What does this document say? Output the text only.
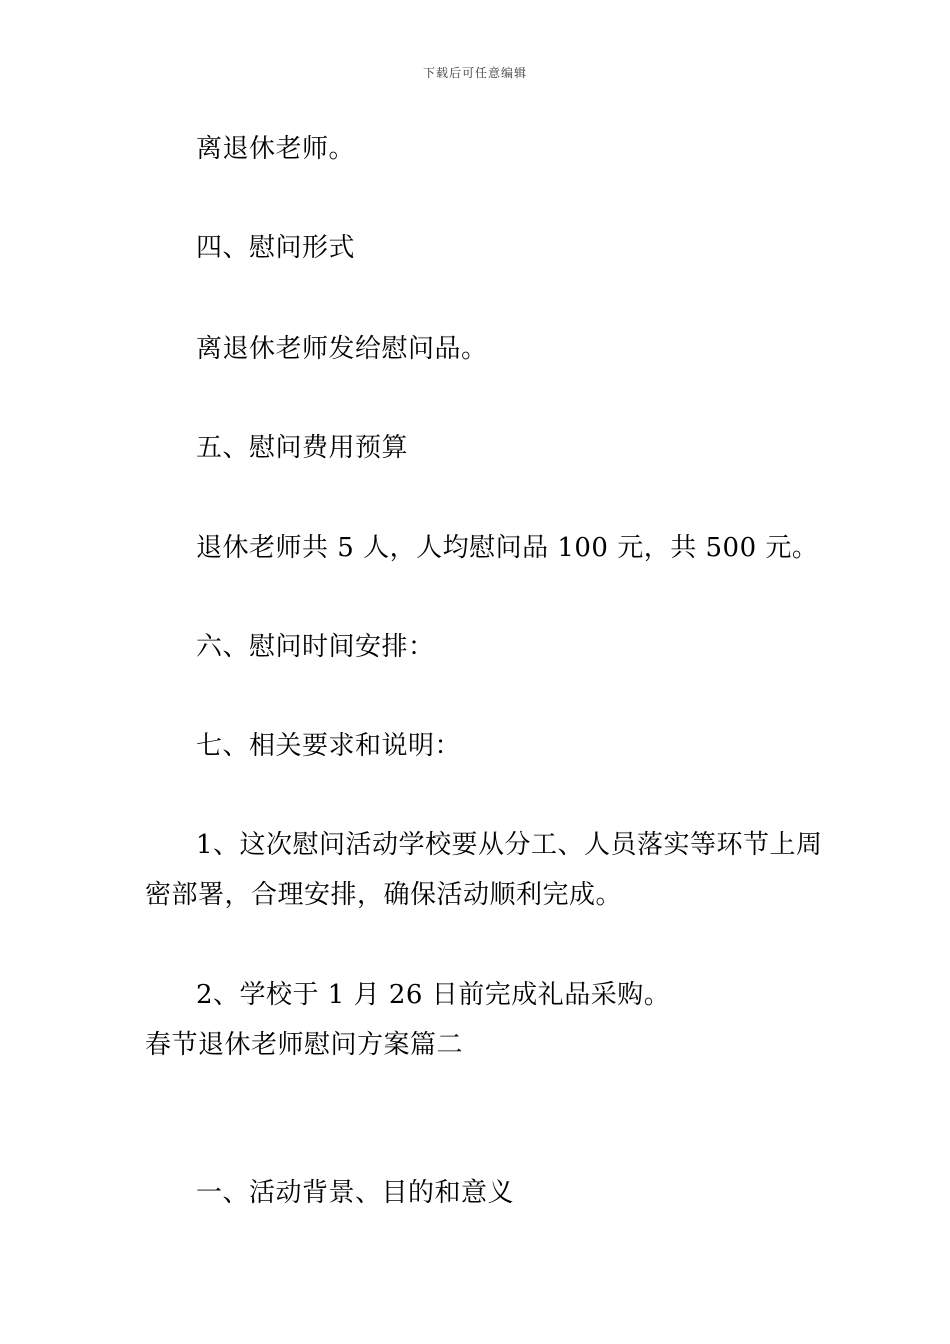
下载后可任意编辑
离退休老师。
四、慰问形式
离退休老师发给慰问品。
五、慰问费用预算
退休老师共 5 人，人均慰问品 100 元，共 500 元。
六、慰问时间安排：
七、相关要求和说明：
1、这次慰问活动学校要从分工、人员落实等环节上周
密部署，合理安排，确保活动顺利完成。
2、学校于 1 月 26 日前完成礼品采购。
春节退休老师慰问方案篇二
一、活动背景、目的和意义
